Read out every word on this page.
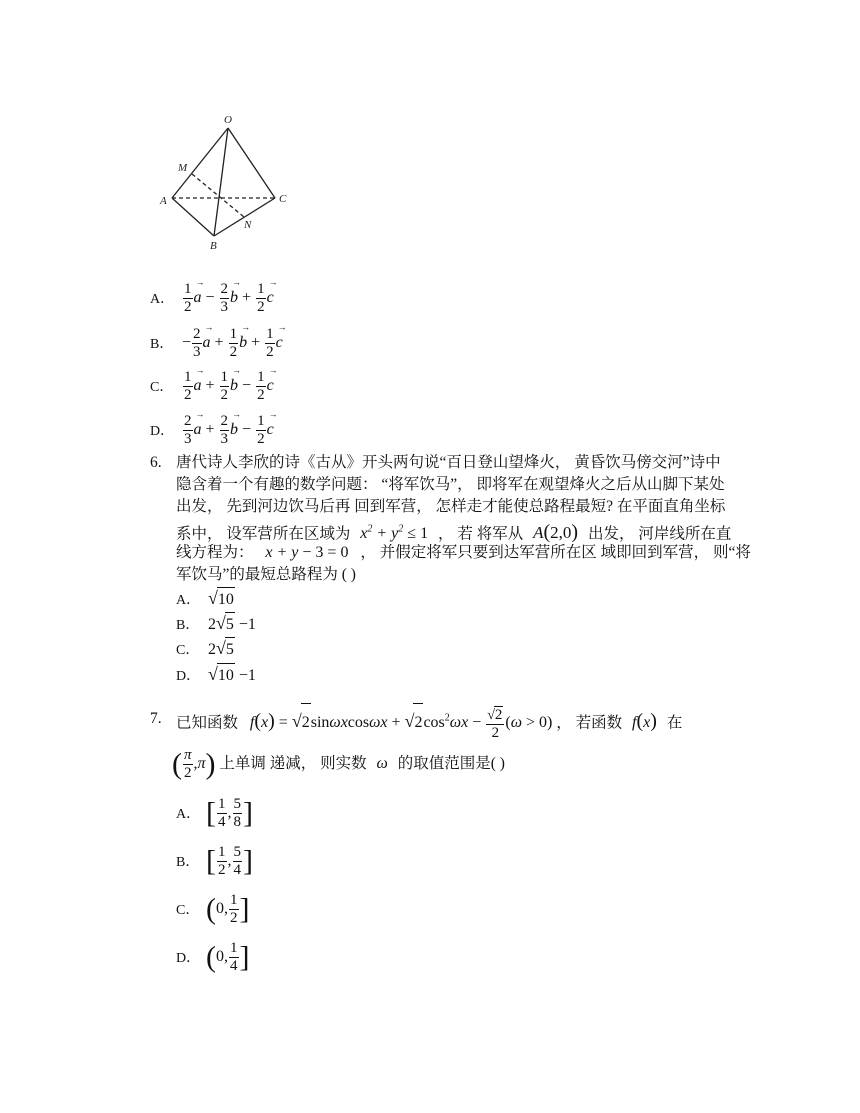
O
M
A
B
C
N
A． $\frac{1}{2}$
→ $a - \frac{2}{3}$
→ $b + \frac{1}{2}$
→ c
B． − $\frac{2}{3}$
→ $a + \frac{1}{2}$
→ $b + \frac{1}{2}$
→ c
C． $\frac{1}{2}$
→ $a + \frac{1}{2}$
→ $b - \frac{1}{2}$
→ c
D． $\frac{2}{3}$
→ $a + \frac{2}{3}$
→ $b - \frac{1}{2}$
→ c
6. 唐代诗人李欣的诗《古从》开头两句说“百日登山望烽火， 黄昏饮马傍交河”诗中
隐含着一个有趣的数学问题： “将军饮马”， 即将军在观望烽火之后从山脚下某处
出发， 先到河边饮马后再 回到军营， 怎样走才能使总路程最短? 在平面直角坐标
系中， 设军营所在区域为 $x^2 + y^2 \le 1$ ， 若 将军从 A(2,0) 出发， 河岸线所在直
线方程为： x + y − 3 = 0 ， 并假定将军只要到达军营所在区 域即回到军营， 则“将
军饮马”的最短总路程为 ( )
A． √10
B． 2√5 −1
C． 2√5
D． √10 −1
7. 已知函数 $f(x) = √2\sin\omega xcos\omega x + √2\cos^2\omega x - \frac{√2}{2} (\omega > 0)$ ， 若函数 f(x) 在
( $\frac{\pi}{2} ,\pi$) 上单调 递减， 则实数 ω 的取值范围是( )
A． [ $\frac{1}{4}$ , $\frac{5}{8}$ ]
B． [ $\frac{1}{2}$ , $\frac{5}{4}$ ]
C． (0, $\frac{1}{2}$ ]
D． (0, $\frac{1}{4}$ ]
